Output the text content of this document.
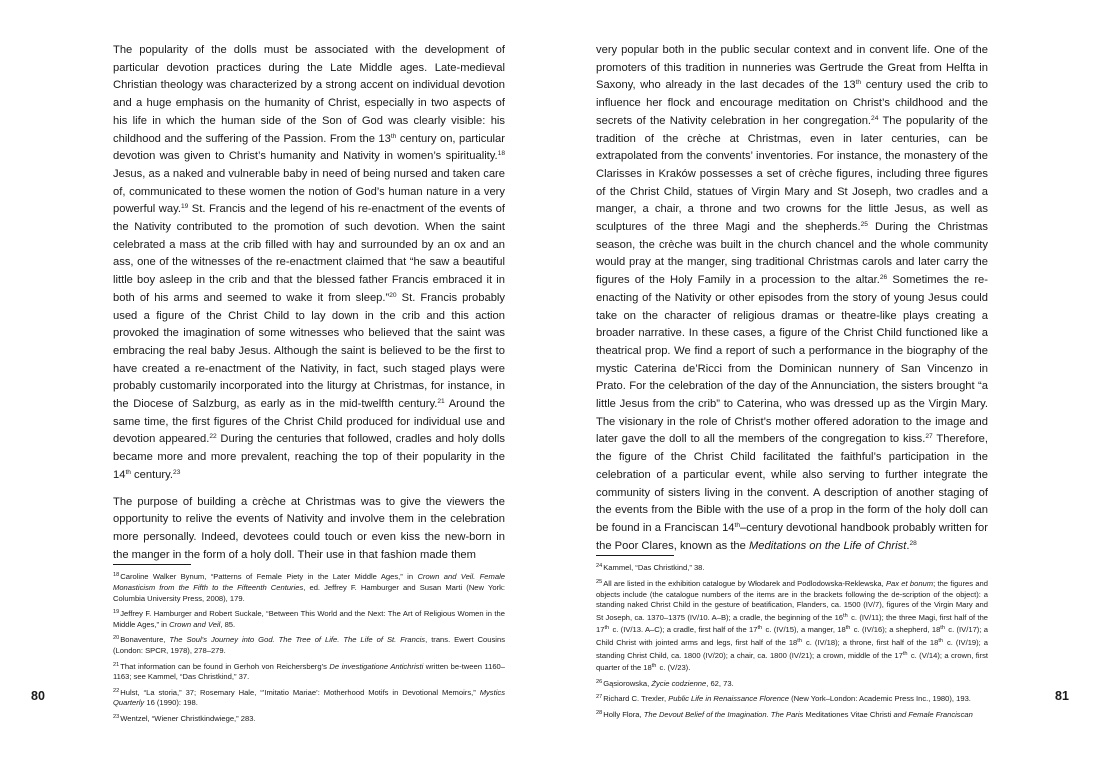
The popularity of the dolls must be associated with the development of particular devotion practices during the Late Middle ages. Late-medieval Christian theology was characterized by a strong accent on individual devotion and a huge emphasis on the humanity of Christ, especially in two aspects of his life in which the human side of the Son of God was clearly visible: his childhood and the suffering of the Passion. From the 13th century on, particular devotion was given to Christ’s humanity and Nativity in women’s spirituality.$^{18}$ Jesus, as a naked and vulnerable baby in need of being nursed and taken care of, communicated to these women the notion of God’s human nature in a very powerful way.$^{19}$ St. Francis and the legend of his re-enactment of the events of the Nativity contributed to the promotion of such devotion. When the saint celebrated a mass at the crib filled with hay and surrounded by an ox and an ass, one of the witnesses of the re-enactment claimed that “he saw a beautiful little boy asleep in the crib and that the blessed father Francis embraced it in both of his arms and seemed to wake it from sleep.”$^{20}$ St. Francis probably used a figure of the Christ Child to lay down in the crib and this action provoked the imagination of some witnesses who believed that the saint was embracing the real baby Jesus. Although the saint is believed to be the first to have created a re-enactment of the Nativity, in fact, such staged plays were probably customarily incorporated into the liturgy at Christmas, for instance, in the Diocese of Salzburg, as early as in the mid-twelfth century.$^{21}$ Around the same time, the first figures of the Christ Child produced for individual use and devotion appeared.$^{22}$ During the centuries that followed, cradles and holy dolls became more and more prevalent, reaching the top of their popularity in the 14th century.$^{23}$

The purpose of building a crèche at Christmas was to give the viewers the opportunity to relive the events of Nativity and involve them in the celebration more personally. Indeed, devotees could touch or even kiss the new-born in the manger in the form of a holy doll. Their use in that fashion made them

$^{18}$Caroline Walker Bynum, “Patterns of Female Piety in the Later Middle Ages,” in Crown and Veil. Female Monasticism from the Fifth to the Fifteenth Centuries, ed. Jeffrey F. Hamburger and Susan Marti (New York: Columbia University Press, 2008), 179.
$^{19}$Jeffrey F. Hamburger and Robert Suckale, “Between This World and the Next: The Art of Religious Women in the Middle Ages,” in Crown and Veil, 85.
$^{20}$Bonaventure, The Soul’s Journey into God. The Tree of Life. The Life of St. Francis, trans. Ewert Cousins (London: SPCR, 1978), 278–279.
$^{21}$That information can be found in Gerhoh von Reichersberg’s De investigatione Antichristi written be-tween 1160–1163; see Kammel, “Das Christkind,” 37.
$^{22}$Hulst, “La storia,” 37; Rosemary Hale, “’Imitatio Mariae’: Motherhood Motifs in Devotional Memoirs,” Mystics Quarterly 16 (1990): 198.
$^{23}$Wentzel, “Wiener Christkindwiege,” 283.

very popular both in the public secular context and in convent life. One of the promoters of this tradition in nunneries was Gertrude the Great from Helfta in Saxony, who already in the last decades of the 13th century used the crib to influence her flock and encourage meditation on Christ’s childhood and the secrets of the Nativity celebration in her congregation.$^{24}$ The popularity of the tradition of the crèche at Christmas, even in later centuries, can be extrapolated from the convents’ inventories. For instance, the monastery of the Clarisses in Kraków possesses a set of crèche figures, including three figures of the Christ Child, statues of Virgin Mary and St Joseph, two cradles and a manger, a chair, a throne and two crowns for the little Jesus, as well as sculptures of the three Magi and the shepherds.$^{25}$ During the Christmas season, the crèche was built in the church chancel and the whole community would pray at the manger, sing traditional Christmas carols and later carry the figures of the Holy Family in a procession to the altar.$^{26}$ Sometimes the re-enacting of the Nativity or other episodes from the story of young Jesus could take on the character of religious dramas or theatre-like plays creating a broader narrative. In these cases, a figure of the Christ Child functioned like a theatrical prop. We find a report of such a performance in the biography of the mystic Caterina de’Ricci from the Dominican nunnery of San Vincenzo in Prato. For the celebration of the day of the Annunciation, the sisters brought “a little Jesus from the crib” to Caterina, who was dressed up as the Virgin Mary. The visionary in the role of Christ’s mother offered adoration to the image and later gave the doll to all the members of the congregation to kiss.$^{27}$ Therefore, the figure of the Christ Child facilitated the faithful’s participation in the celebration of a particular event, while also serving to further integrate the community of sisters living in the convent. A description of another staging of the events from the Bible with the use of a prop in the form of the holy doll can be found in a Franciscan 14th–century devotional handbook probably written for the Poor Clares, known as the Meditations on the Life of Christ.$^{28}$

$^{24}$Kammel, “Das Christkind,” 38.
$^{25}$All are listed in the exhibition catalogue by Włodarek and Podlodowska-Reklewska, Pax et bonum; the figures and objects include (the catalogue numbers of the items are in the brackets following the de-scription of the object): a standing naked Christ Child in the gesture of beatification, Flanders, ca. 1500 (IV/7), figures of the Virgin Mary and St Joseph, ca. 1370–1375 (IV/10. A–B); a cradle, the beginning of the 16th c. (IV/11); the three Magi, first half of the 17th c. (IV/13. A–C); a cradle, first half of the 17th c. (IV/15), a manger, 18th c. (IV/16); a shepherd, 18th c. (IV/17); a Child Christ with jointed arms and legs, first half of the 18th c. (IV/18); a throne, first half of the 18th c. (IV/19); a standing Christ Child, ca. 1800 (IV/20); a chair, ca. 1800 (IV/21); a crown, middle of the 17th c. (V/14); a crown, first quarter of the 18th c. (V/23).
$^{26}$Gąsiorowska, Życie codzienne, 62, 73.
$^{27}$Richard C. Trexler, Public Life in Renaissance Florence (New York–London: Academic Press Inc., 1980), 193.
$^{28}$Holly Flora, The Devout Belief of the Imagination. The Paris Meditationes Vitae Christi and Female Franciscan
80	81
